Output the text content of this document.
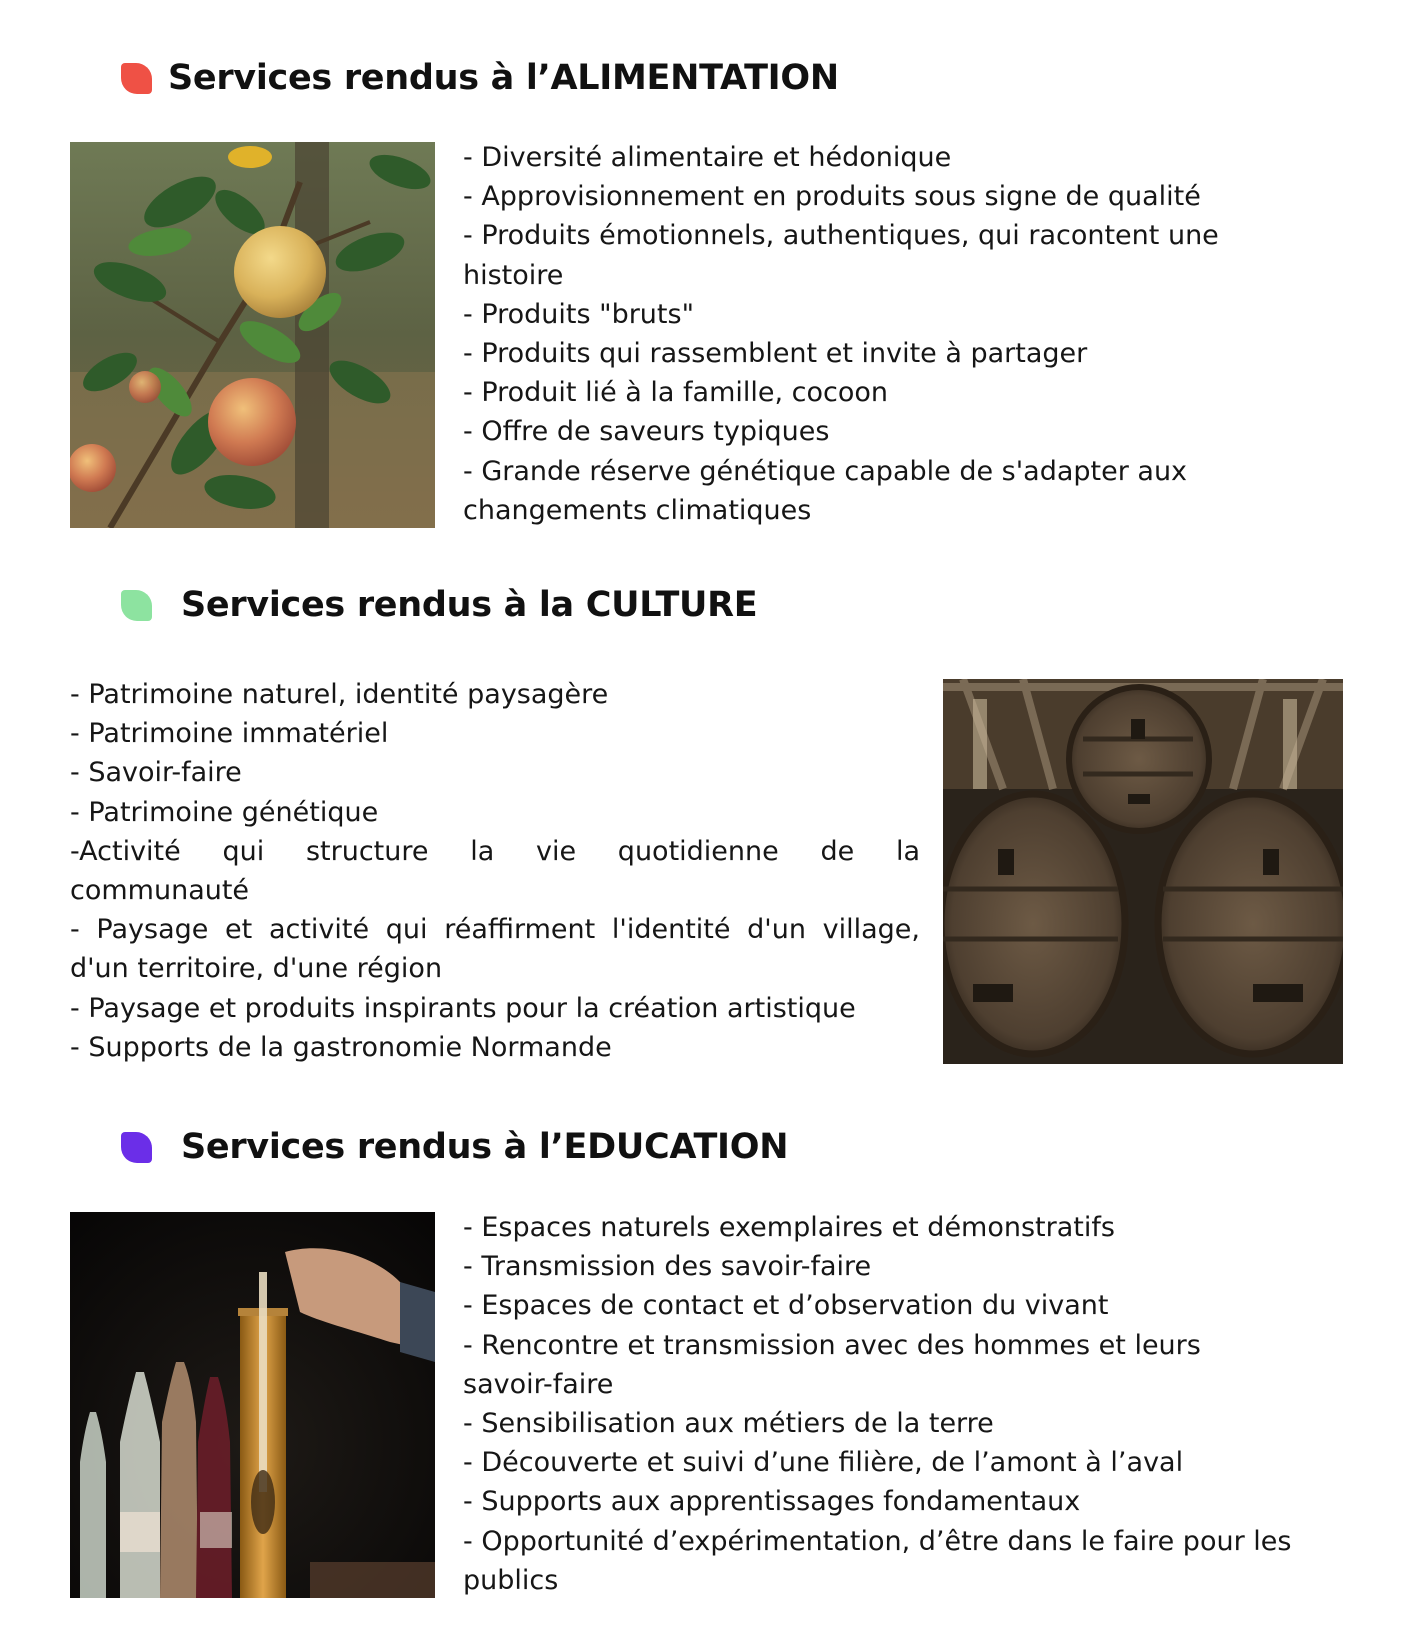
Services rendus à l’ALIMENTATION
- Diversité alimentaire et hédonique
- Approvisionnement en produits sous signe de qualité
- Produits émotionnels, authentiques, qui racontent une
histoire
- Produits "bruts"
- Produits qui rassemblent et invite à partager
- Produit lié à la famille, cocoon
- Offre de saveurs typiques
- Grande réserve génétique capable de s'adapter aux
changements climatiques
Services rendus à la CULTURE
- Patrimoine naturel, identité paysagère
- Patrimoine immatériel
- Savoir-faire
- Patrimoine génétique
-Activité qui structure la vie quotidienne de la
communauté
- Paysage et activité qui réaffirment l'identité d'un village,
d'un territoire, d'une région
- Paysage et produits inspirants pour la création artistique
- Supports de la gastronomie Normande
Services rendus à l’EDUCATION
- Espaces naturels exemplaires et démonstratifs
- Transmission des savoir-faire
- Espaces de contact et d’observation du vivant
- Rencontre et transmission avec des hommes et leurs
savoir-faire
- Sensibilisation aux métiers de la terre
- Découverte et suivi d’une filière, de l’amont à l’aval
- Supports aux apprentissages fondamentaux
- Opportunité d’expérimentation, d’être dans le faire pour les
publics
